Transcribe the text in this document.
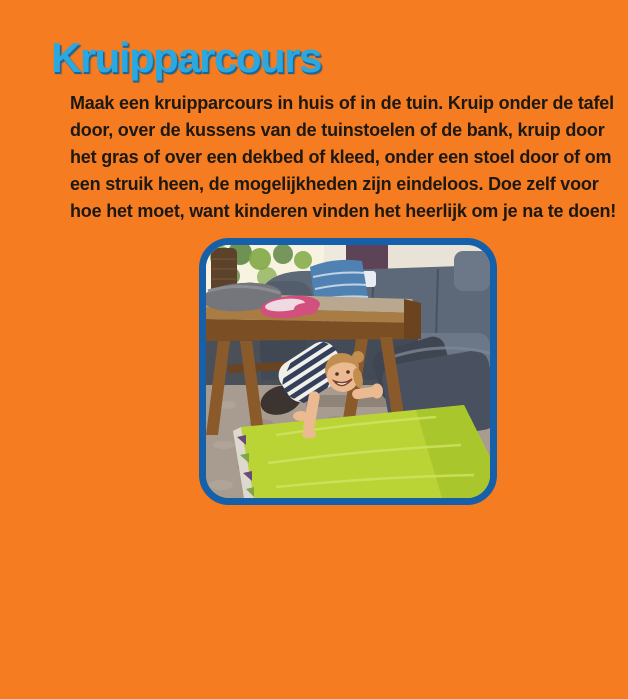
Kruipparcours

Maak een kruipparcours in huis of in de tuin. Kruip onder de tafel door, over de kussens van de tuinstoelen of de bank, kruip door het gras of over een dekbed of kleed, onder een stoel door of om een struik heen, de mogelijkheden zijn eindeloos. Doe zelf voor hoe het moet, want kinderen vinden het heerlijk om je na te doen!
